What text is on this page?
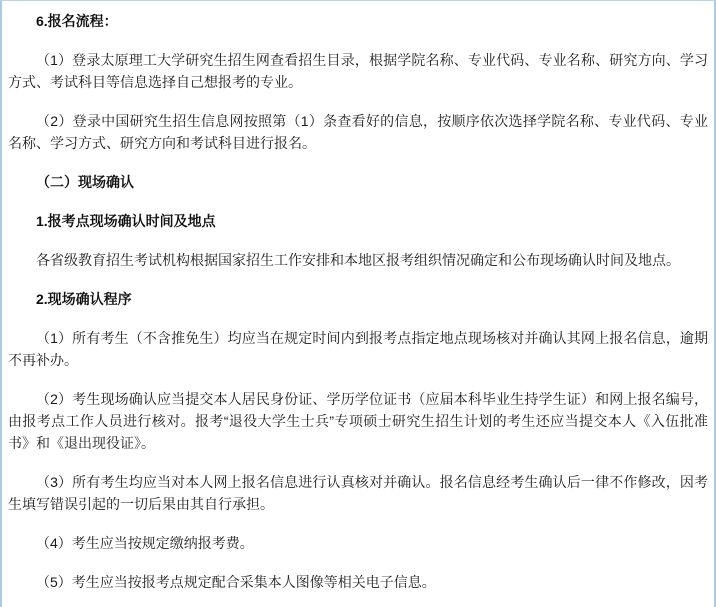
6.报名流程：
（1）登录太原理工大学研究生招生网查看招生目录，根据学院名称、专业代码、专业名称、研究方向、学习方式、考试科目等信息选择自己想报考的专业。
（2）登录中国研究生招生信息网按照第（1）条查看好的信息，按顺序依次选择学院名称、专业代码、专业名称、学习方式、研究方向和考试科目进行报名。
（二）现场确认
1.报考点现场确认时间及地点
各省级教育招生考试机构根据国家招生工作安排和本地区报考组织情况确定和公布现场确认时间及地点。
2.现场确认程序
（1）所有考生（不含推免生）均应当在规定时间内到报考点指定地点现场核对并确认其网上报名信息，逾期不再补办。
（2）考生现场确认应当提交本人居民身份证、学历学位证书（应届本科毕业生持学生证）和网上报名编号，由报考点工作人员进行核对。报考“退役大学生士兵”专项硕士研究生招生计划的考生还应当提交本人《入伍批准书》和《退出现役证》。
（3）所有考生均应当对本人网上报名信息进行认真核对并确认。报名信息经考生确认后一律不作修改，因考生填写错误引起的一切后果由其自行承担。
（4）考生应当按规定缴纳报考费。
（5）考生应当按报考点规定配合采集本人图像等相关电子信息。
